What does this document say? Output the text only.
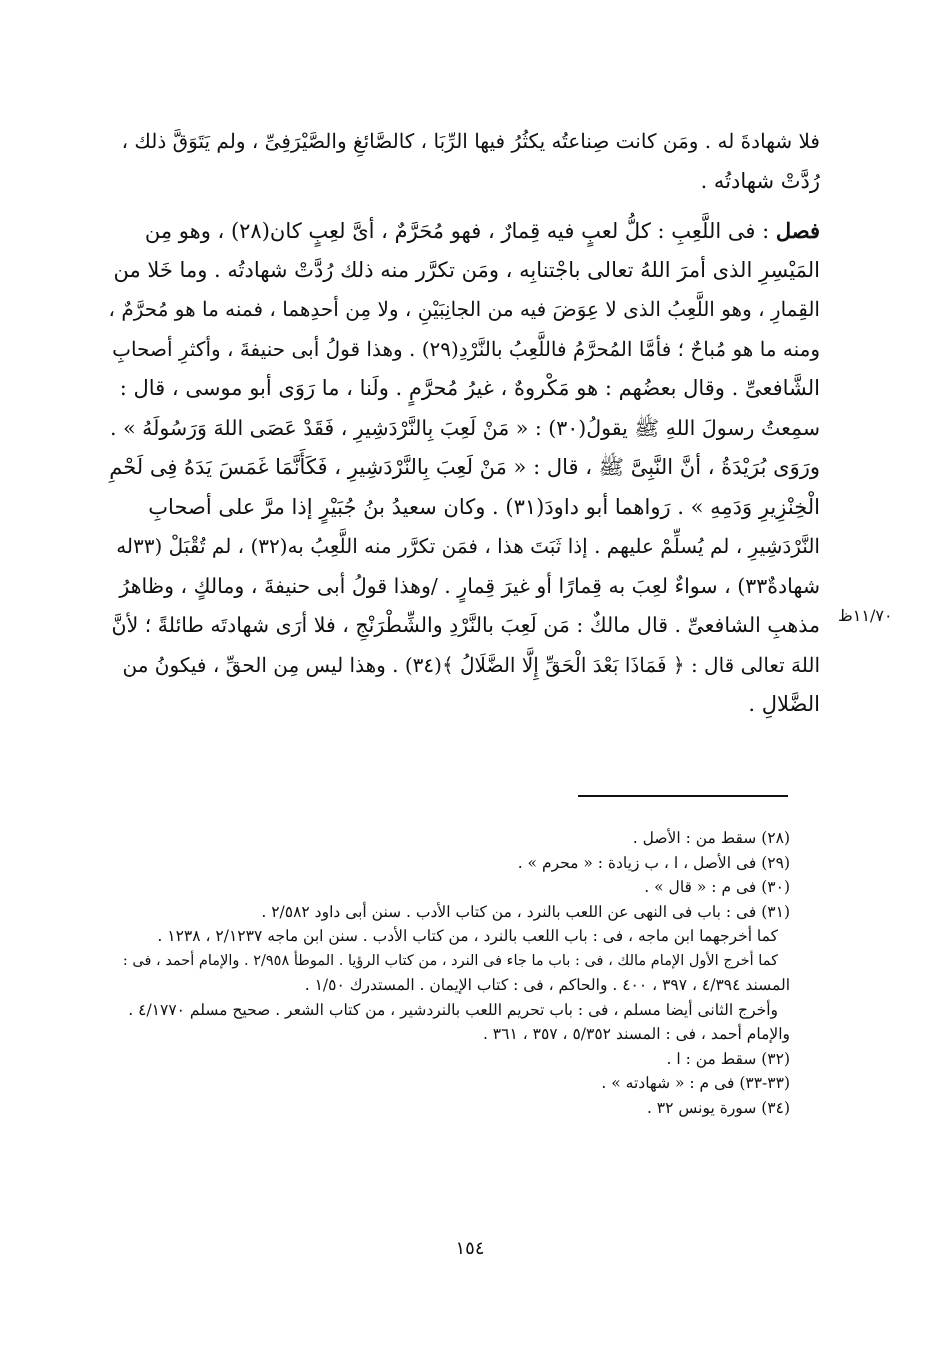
فلا شهادةَ له . ومَن كانت صِناعتُه يكثُرُ فيها الرِّبَا ، كالصَّائغِ والصَّيْرَفِىِّ ، ولم يَتَوَقَّ ذلك ،
رُدَّتْ شهادتُه .
فصل : فى اللَّعِبِ : كلُّ لعبٍ فيه قِمارٌ ، فهو مُحَرَّمٌ ، أىَّ لعِبٍ كان(٢٨) ، وهو مِن
المَيْسِرِ الذى أمرَ اللهُ تعالى باجْتنابِه ، ومَن تكرَّر منه ذلك رُدَّتْ شهادتُه . وما خَلا من
القِمارِ ، وهو اللَّعِبُ الذى لا عِوَضَ فيه من الجانِبَيْنِ ، ولا مِن أحدِهما ، فمنه ما هو مُحرَّمٌ ،
ومنه ما هو مُباحٌ ؛ فأمَّا المُحرَّمُ فاللَّعِبُ بالنَّرْدِ(٢٩) . وهذا قولُ أبى حنيفةَ ، وأكثرِ أصحابِ
الشَّافعىِّ . وقال بعضُهم : هو مَكْروهٌ ، غيرُ مُحرَّمٍ . ولَنا ، ما رَوَى أبو موسى ، قال :
سمِعتُ رسولَ اللهِ ﷺ يقولُ(٣٠) : « مَنْ لَعِبَ بِالنَّرْدَشِيرِ ، فَقَدْ عَصَى اللهَ وَرَسُولَهُ » .
ورَوَى بُرَيْدَةُ ، أنَّ النَّبِىَّ ﷺ ، قال : « مَنْ لَعِبَ بِالنَّرْدَشِيرِ ، فَكَأَنَّمَا غَمَسَ يَدَهُ فِى لَحْمِ
الْخِنْزِيرِ وَدَمِهِ » . رَواهما أبو داودَ(٣١) . وكان سعيدُ بنُ جُبَيْرٍ إذا مرَّ على أصحابِ
النَّرْدَشِيرِ ، لم يُسلِّمْ عليهم . إذا ثَبَتَ هذا ، فمَن تكرَّر منه اللَّعِبُ به(٣٢) ، لم تُقْبَلْ (٣٣له
شهادةٌ٣٣) ، سواءٌ لعِبَ به قِمارًا أو غيرَ قِمارٍ . /وهذا قولُ أبى حنيفةَ ، ومالكٍ ، وظاهرُ
مذهبِ الشافعىِّ . قال مالكٌ : مَن لَعِبَ بالنَّرْدِ والشِّطْرَنْجِ ، فلا أرَى شهادتَه طائلةً ؛ لأنَّ
اللهَ تعالى قال : ﴿ فَمَاذَا بَعْدَ الْحَقِّ إِلَّا الضَّلَالُ ﴾(٣٤) . وهذا ليس مِن الحقِّ ، فيكونُ من
الضَّلالِ .
١١/٧٠ظ
(٢٨) سقط من : الأصل .
(٢٩) فى الأصل ، ا ، ب زيادة : « محرم » .
(٣٠) فى م : « قال » .
(٣١) فى : باب فى النهى عن اللعب بالنرد ، من كتاب الأدب . سنن أبى داود ٢/٥٨٢ .
كما أخرجهما ابن ماجه ، فى : باب اللعب بالنرد ، من كتاب الأدب . سنن ابن ماجه ٢/١٢٣٧ ، ١٢٣٨ .
كما أخرج الأول الإمام مالك ، فى : باب ما جاء فى النرد ، من كتاب الرؤيا . الموطأ ٢/٩٥٨ . والإمام أحمد ، فى :
المسند ٤/٣٩٤ ، ٣٩٧ ، ٤٠٠ . والحاكم ، فى : كتاب الإيمان . المستدرك ١/٥٠ .
وأخرج الثانى أيضا مسلم ، فى : باب تحريم اللعب بالنردشير ، من كتاب الشعر . صحيح مسلم ٤/١٧٧٠ .
والإمام أحمد ، فى : المسند ٥/٣٥٢ ، ٣٥٧ ، ٣٦١ .
(٣٢) سقط من : ا .
(٣٣-٣٣) فى م : « شهادته » .
(٣٤) سورة يونس ٣٢ .
١٥٤
